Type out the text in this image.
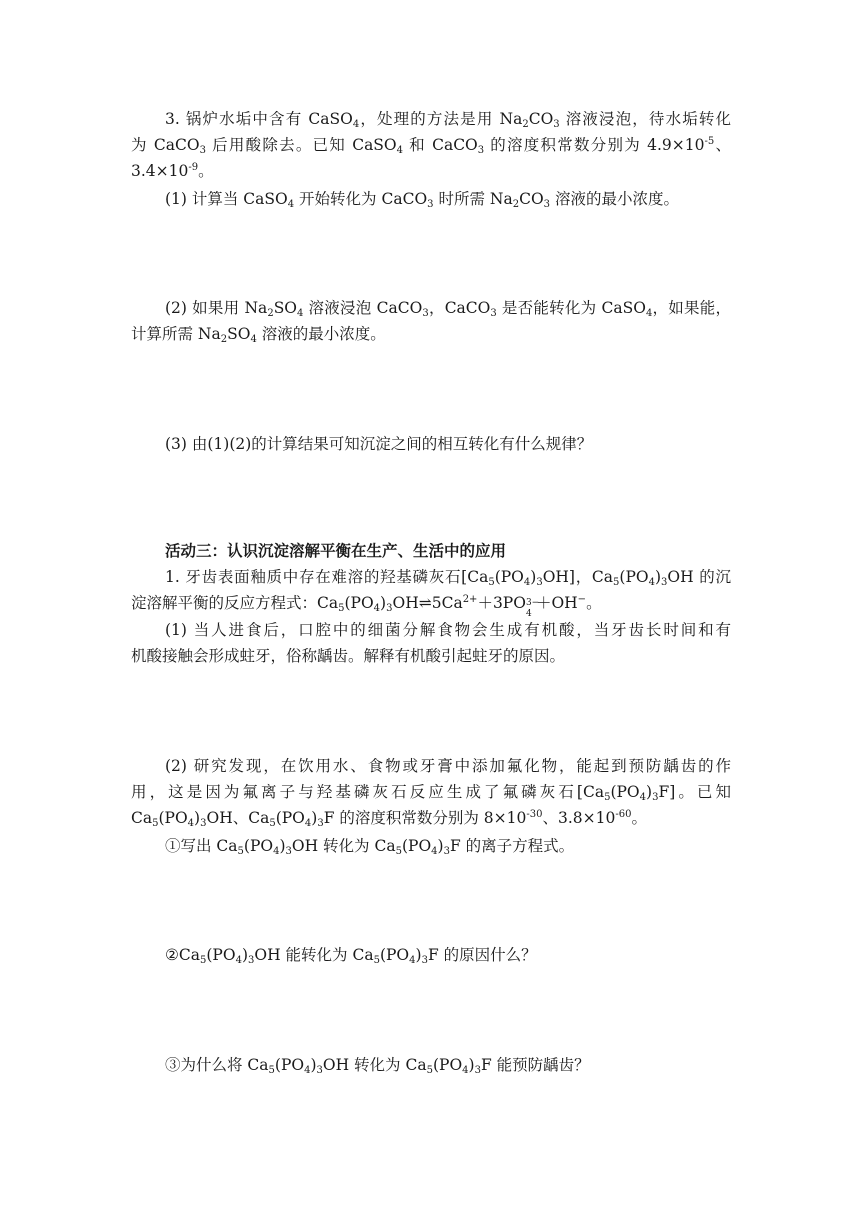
3. 锅炉水垢中含有 CaSO$_4$，处理的方法是用 $Na_2CO_3$ 溶液浸泡，待水垢转化
为 CaCO$_3$ 后用酸除去。已知 CaSO$_4$ 和 CaCO$_3$ 的溶度积常数分别为 $4.9\times 10^{-5}$、
$3.4\times 10^{-9}$。
(1) 计算当 CaSO$_4$ 开始转化为 CaCO$_3$ 时所需 $Na_2CO_3$ 溶液的最小浓度。
(2) 如果用 $Na_2SO_4$ 溶液浸泡 CaCO$_3$，CaCO$_3$ 是否能转化为 CaSO$_4$，如果能，
计算所需 $Na_2SO_4$ 溶液的最小浓度。
(3) 由(1)(2)的计算结果可知沉淀之间的相互转化有什么规律？
活动三：认识沉淀溶解平衡在生产、生活中的应用
1. 牙齿表面釉质中存在难溶的羟基磷灰石$[Ca_5(PO_4)_3OH]$，$Ca_5(PO_4)_3OH$ 的沉
淀溶解平衡的反应方程式：$Ca_5(PO_4)_3OH\rightleftharpoons 5Ca^{2+}+3PO$ 3−
4
＋OH−。
(1) 当人进食后，口腔中的细菌分解食物会生成有机酸，当牙齿长时间和有
机酸接触会形成蛀牙，俗称龋齿。解释有机酸引起蛀牙的原因。
(2) 研究发现，在饮用水、食物或牙膏中添加氟化物，能起到预防龋齿的作
用，这是因为氟离子与羟基磷灰石反应生成了氟磷灰石$[Ca_5(PO_4)_3F]$。已知
$Ca_5(PO_4)_3OH$、$Ca_5(PO_4)_3F$ 的溶度积常数分别为 $8\times 10^{-30}$、$3.8\times 10^{-60}$。
①写出 $Ca_5(PO_4)_3OH$ 转化为 $Ca_5(PO_4)_3F$ 的离子方程式。
$②Ca_5(PO_4)_3OH$ 能转化为 $Ca_5(PO_4)_3F$ 的原因什么？
③为什么将 $Ca_5(PO_4)_3OH$ 转化为 $Ca_5(PO_4)_3F$ 能预防龋齿？
